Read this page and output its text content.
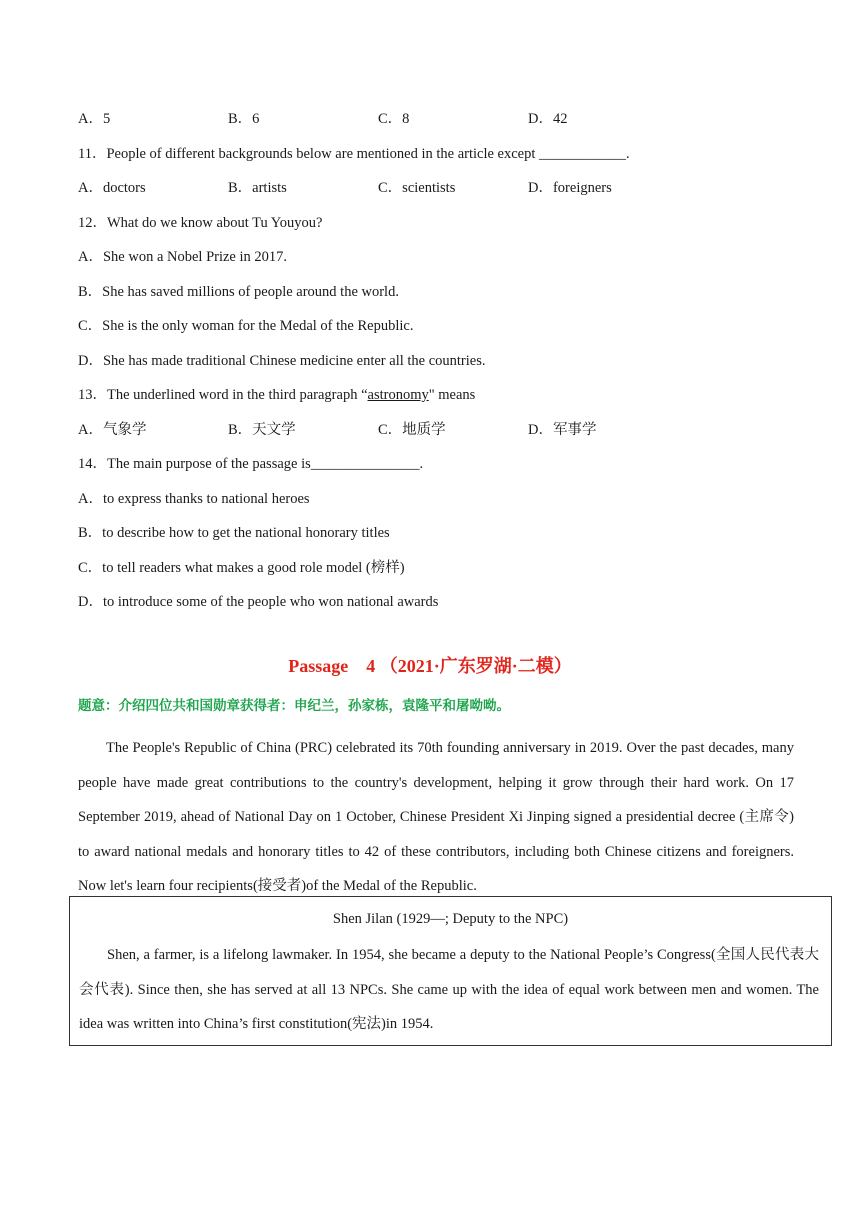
A．5	B．6	C．8	D．42
11．People of different backgrounds below are mentioned in the article except ____________.
A．doctors	B．artists	C．scientists	D．foreigners
12．What do we know about Tu Youyou?
A．She won a Nobel Prize in 2017.
B．She has saved millions of people around the world.
C．She is the only woman for the Medal of the Republic.
D．She has made traditional Chinese medicine enter all the countries.
13．The underlined word in the third paragraph “astronomy" means
A．气象学	B．天文学	C．地质学	D．军事学
14．The main purpose of the passage is_______________.
A．to express thanks to national heroes
B．to describe how to get the national honorary titles
C．to tell readers what makes a good role model (榜样)
D．to introduce some of the people who won national awards
Passage　4 （2021·广东罗湖·二模）
题意：介绍四位共和国勋章获得者：申纪兰，孙家栋，袁隆平和屠呦呦。
The People's Republic of China (PRC) celebrated its 70th founding anniversary in 2019. Over the past decades, many people have made great contributions to the country's development, helping it grow through their hard work. On 17 September 2019, ahead of National Day on 1 October, Chinese President Xi Jinping signed a presidential decree (主席令) to award national medals and honorary titles to 42 of these contributors, including both Chinese citizens and foreigners. Now let's learn four recipients(接受者)of the Medal of the Republic.
Shen Jilan (1929—; Deputy to the NPC)
Shen, a farmer, is a lifelong lawmaker. In 1954, she became a deputy to the National People’s Congress(全国人民代表大会代表). Since then, she has served at all 13 NPCs. She came up with the idea of equal work between men and women. The idea was written into China’s first constitution(宪法)in 1954.
